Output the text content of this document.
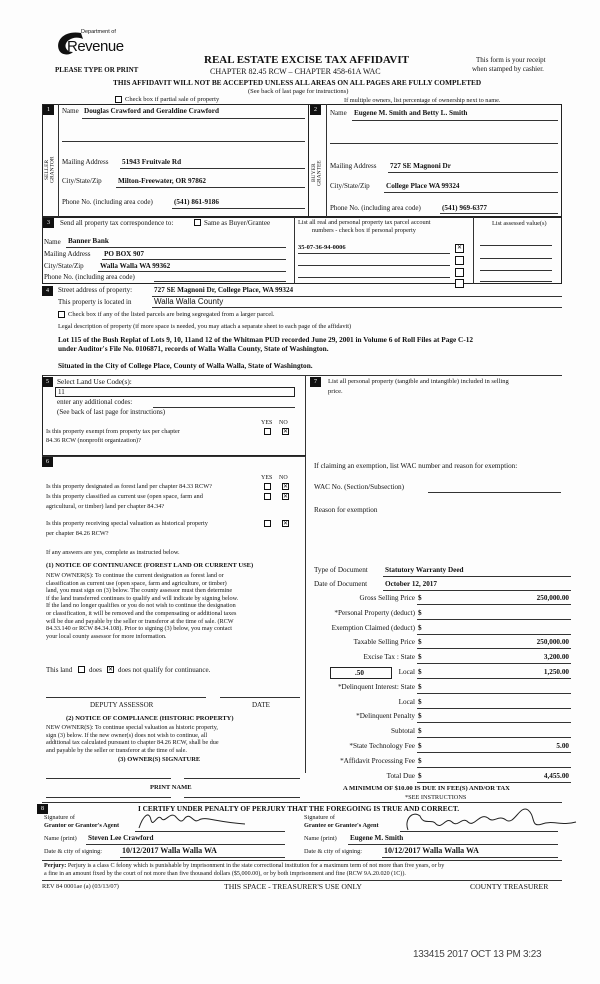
Department of
Revenue
PLEASE TYPE OR PRINT
REAL ESTATE EXCISE TAX AFFIDAVIT
CHAPTER 82.45 RCW – CHAPTER 458-61A WAC
THIS AFFIDAVIT WILL NOT BE ACCEPTED UNLESS ALL AREAS ON ALL PAGES ARE FULLY COMPLETED
(See back of last page for instructions)
This form is your receipt
when stamped by cashier.
Check box if partial sale of property	If multiple owners, list percentage of ownership next to name.
1
SELLER
GRANTOR
Name Douglas Crawford and Geraldine Crawford
Mailing Address 51943 Fruitvale Rd
City/State/Zip Milton-Freewater, OR 97862
Phone No. (including area code)	(541) 861-9186
2
BUYER
GRANTEE
Name Eugene M. Smith and Betty L. Smith
Mailing Address 727 SE Magnoni Dr
City/State/Zip College Place WA 99324
Phone No. (including area code)	(541) 969-6377
3	Send all property tax correspondence to:	Same as Buyer/Grantee
Name Banner Bank
Mailing Address PO BOX 907
City/State/Zip Walla Walla WA 99362
Phone No. (including area code)
List all real and personal property tax parcel account
numbers - check box if personal property
List assessed value(s)
35-07-36-94-0006
✕
4	Street address of property:	727 SE Magnoni Dr, College Place, WA 99324
This property is located in	Walla Walla County
Check box if any of the listed parcels are being segregated from a larger parcel.
Legal description of property (if more space is needed, you may attach a separate sheet to each page of the affidavit)
Lot 115 of the Bush Replat of Lots 9, 10, 11and 12 of the Whitman PUD recorded June 29, 2001 in Volume 6 of Roll Files at Page C-12
under Auditor's File No. 0106871, records of Walla Walla County, State of Washington.
Situated in the City of College Place, County of Walla Walla, State of Washington.
5	Select Land Use Code(s):
11
enter any additional codes:
(See back of last page for instructions)
YES NO
Is this property exempt from property tax per chapter
84.36 RCW (nonprofit organization)?
✕
6
YES NO
Is this property designated as forest land per chapter 84.33 RCW?
✕
Is this property classified as current use (open space, farm and
agricultural, or timber) land per chapter 84.34?
✕
Is this property receiving special valuation as historical property
per chapter 84.26 RCW?
✕
If any answers are yes, complete as instructed below.
(1) NOTICE OF CONTINUANCE (FOREST LAND OR CURRENT USE)
NEW OWNER(S): To continue the current designation as forest land or
classification as current use (open space, farm and agriculture, or timber)
land, you must sign on (3) below. The county assessor must then determine
if the land transferred continues to qualify and will indicate by signing below.
If the land no longer qualifies or you do not wish to continue the designation
or classification, it will be removed and the compensating or additional taxes
will be due and payable by the seller or transferor at the time of sale. (RCW
84.33.140 or RCW 84.34.108). Prior to signing (3) below, you may contact
your local county assessor for more information.
This land does ✕ does not qualify for continuance.
DEPUTY ASSESSOR	DATE
(2) NOTICE OF COMPLIANCE (HISTORIC PROPERTY)
NEW OWNER(S): To continue special valuation as historic property,
sign (3) below. If the new owner(s) does not wish to continue, all
additional tax calculated pursuant to chapter 84.26 RCW, shall be due
and payable by the seller or transferor at the time of sale.
(3) OWNER(S) SIGNATURE
PRINT NAME
7	List all personal property (tangible and intangible) included in selling
price.
If claiming an exemption, list WAC number and reason for exemption:
WAC No. (Section/Subsection)
Reason for exemption
Type of Document Statutory Warranty Deed
Date of Document October 12, 2017
.50
Gross Selling Price $	250,000.00
*Personal Property (deduct) $
Exemption Claimed (deduct) $
Taxable Selling Price $	250,000.00
Excise Tax : State $	3,200.00
Local $	1,250.00
*Delinquent Interest: State $
Local $
*Delinquent Penalty $
Subtotal $
*State Technology Fee $	5.00
*Affidavit Processing Fee $
Total Due $	4,455.00
A MINIMUM OF $10.00 IS DUE IN FEE(S) AND/OR TAX
*SEE INSTRUCTIONS
8	I CERTIFY UNDER PENALTY OF PERJURY THAT THE FOREGOING IS TRUE AND CORRECT.
Signature of
Grantor or Grantor's Agent
Name (print) Steven Lee Crawford
Date & city of signing: 10/12/2017 Walla Walla WA
Signature of
Grantee or Grantee's Agent
Name (print) Eugene M. Smith
Date & city of signing:	10/12/2017 Walla Walla WA
Perjury: Perjury is a class C felony which is punishable by imprisonment in the state correctional institution for a maximum term of not more than five years, or by
a fine in an amount fixed by the court of not more than five thousand dollars ($5,000.00), or by both imprisonment and fine (RCW 9A.20.020 (1C)).
REV 84 0001ae (a) (03/13/07)	THIS SPACE - TREASURER'S USE ONLY	COUNTY TREASURER
133415 2017 OCT 13 PM 3:23
